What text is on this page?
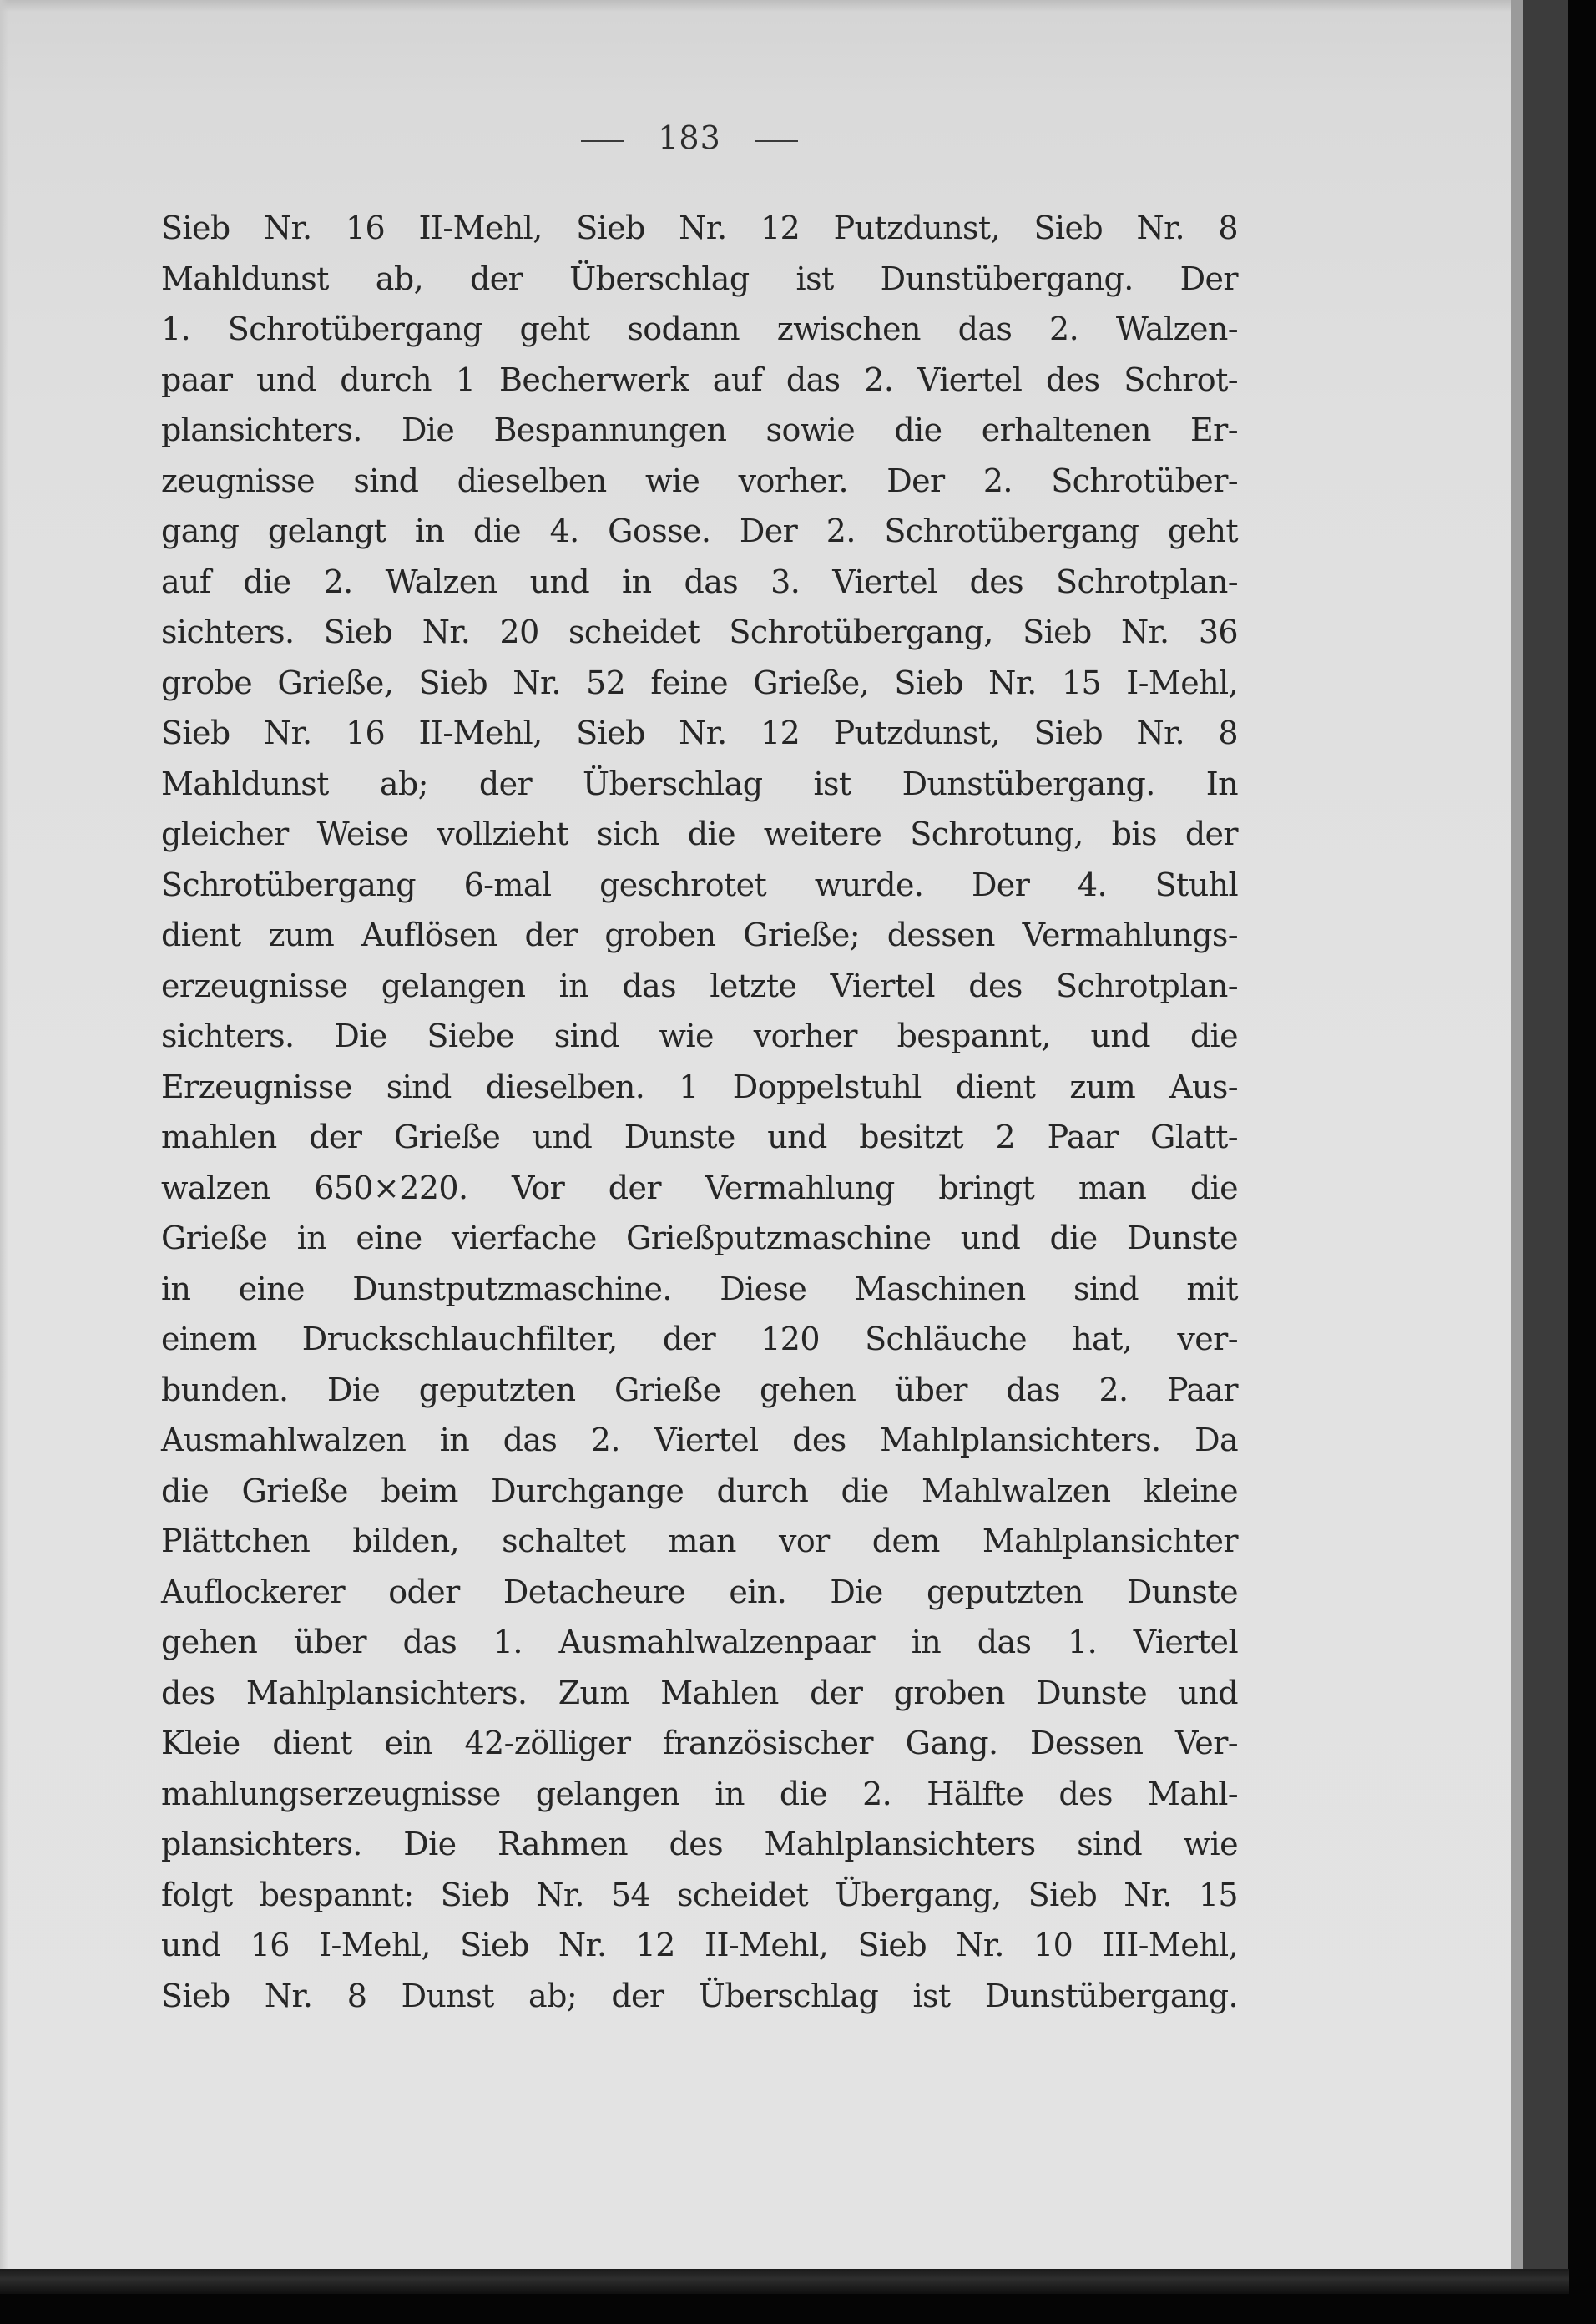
183
Sieb Nr. 16 II-Mehl, Sieb Nr. 12 Putzdunst, Sieb Nr. 8
Mahldunst ab, der Überschlag ist Dunstübergang. Der
1. Schrotübergang geht sodann zwischen das 2. Walzen-
paar und durch 1 Becherwerk auf das 2. Viertel des Schrot-
plansichters. Die Bespannungen sowie die erhaltenen Er-
zeugnisse sind dieselben wie vorher. Der 2. Schrotüber-
gang gelangt in die 4. Gosse. Der 2. Schrotübergang geht
auf die 2. Walzen und in das 3. Viertel des Schrotplan-
sichters. Sieb Nr. 20 scheidet Schrotübergang, Sieb Nr. 36
grobe Grieße, Sieb Nr. 52 feine Grieße, Sieb Nr. 15 I-Mehl,
Sieb Nr. 16 II-Mehl, Sieb Nr. 12 Putzdunst, Sieb Nr. 8
Mahldunst ab; der Überschlag ist Dunstübergang. In
gleicher Weise vollzieht sich die weitere Schrotung, bis der
Schrotübergang 6-mal geschrotet wurde. Der 4. Stuhl
dient zum Auflösen der groben Grieße; dessen Vermahlungs-
erzeugnisse gelangen in das letzte Viertel des Schrotplan-
sichters. Die Siebe sind wie vorher bespannt, und die
Erzeugnisse sind dieselben. 1 Doppelstuhl dient zum Aus-
mahlen der Grieße und Dunste und besitzt 2 Paar Glatt-
walzen 650×220. Vor der Vermahlung bringt man die
Grieße in eine vierfache Grießputzmaschine und die Dunste
in eine Dunstputzmaschine. Diese Maschinen sind mit
einem Druckschlauchfilter, der 120 Schläuche hat, ver-
bunden. Die geputzten Grieße gehen über das 2. Paar
Ausmahlwalzen in das 2. Viertel des Mahlplansichters. Da
die Grieße beim Durchgange durch die Mahlwalzen kleine
Plättchen bilden, schaltet man vor dem Mahlplansichter
Auflockerer oder Detacheure ein. Die geputzten Dunste
gehen über das 1. Ausmahlwalzenpaar in das 1. Viertel
des Mahlplansichters. Zum Mahlen der groben Dunste und
Kleie dient ein 42-zölliger französischer Gang. Dessen Ver-
mahlungserzeugnisse gelangen in die 2. Hälfte des Mahl-
plansichters. Die Rahmen des Mahlplansichters sind wie
folgt bespannt: Sieb Nr. 54 scheidet Übergang, Sieb Nr. 15
und 16 I-Mehl, Sieb Nr. 12 II-Mehl, Sieb Nr. 10 III-Mehl,
Sieb Nr. 8 Dunst ab; der Überschlag ist Dunstübergang.
